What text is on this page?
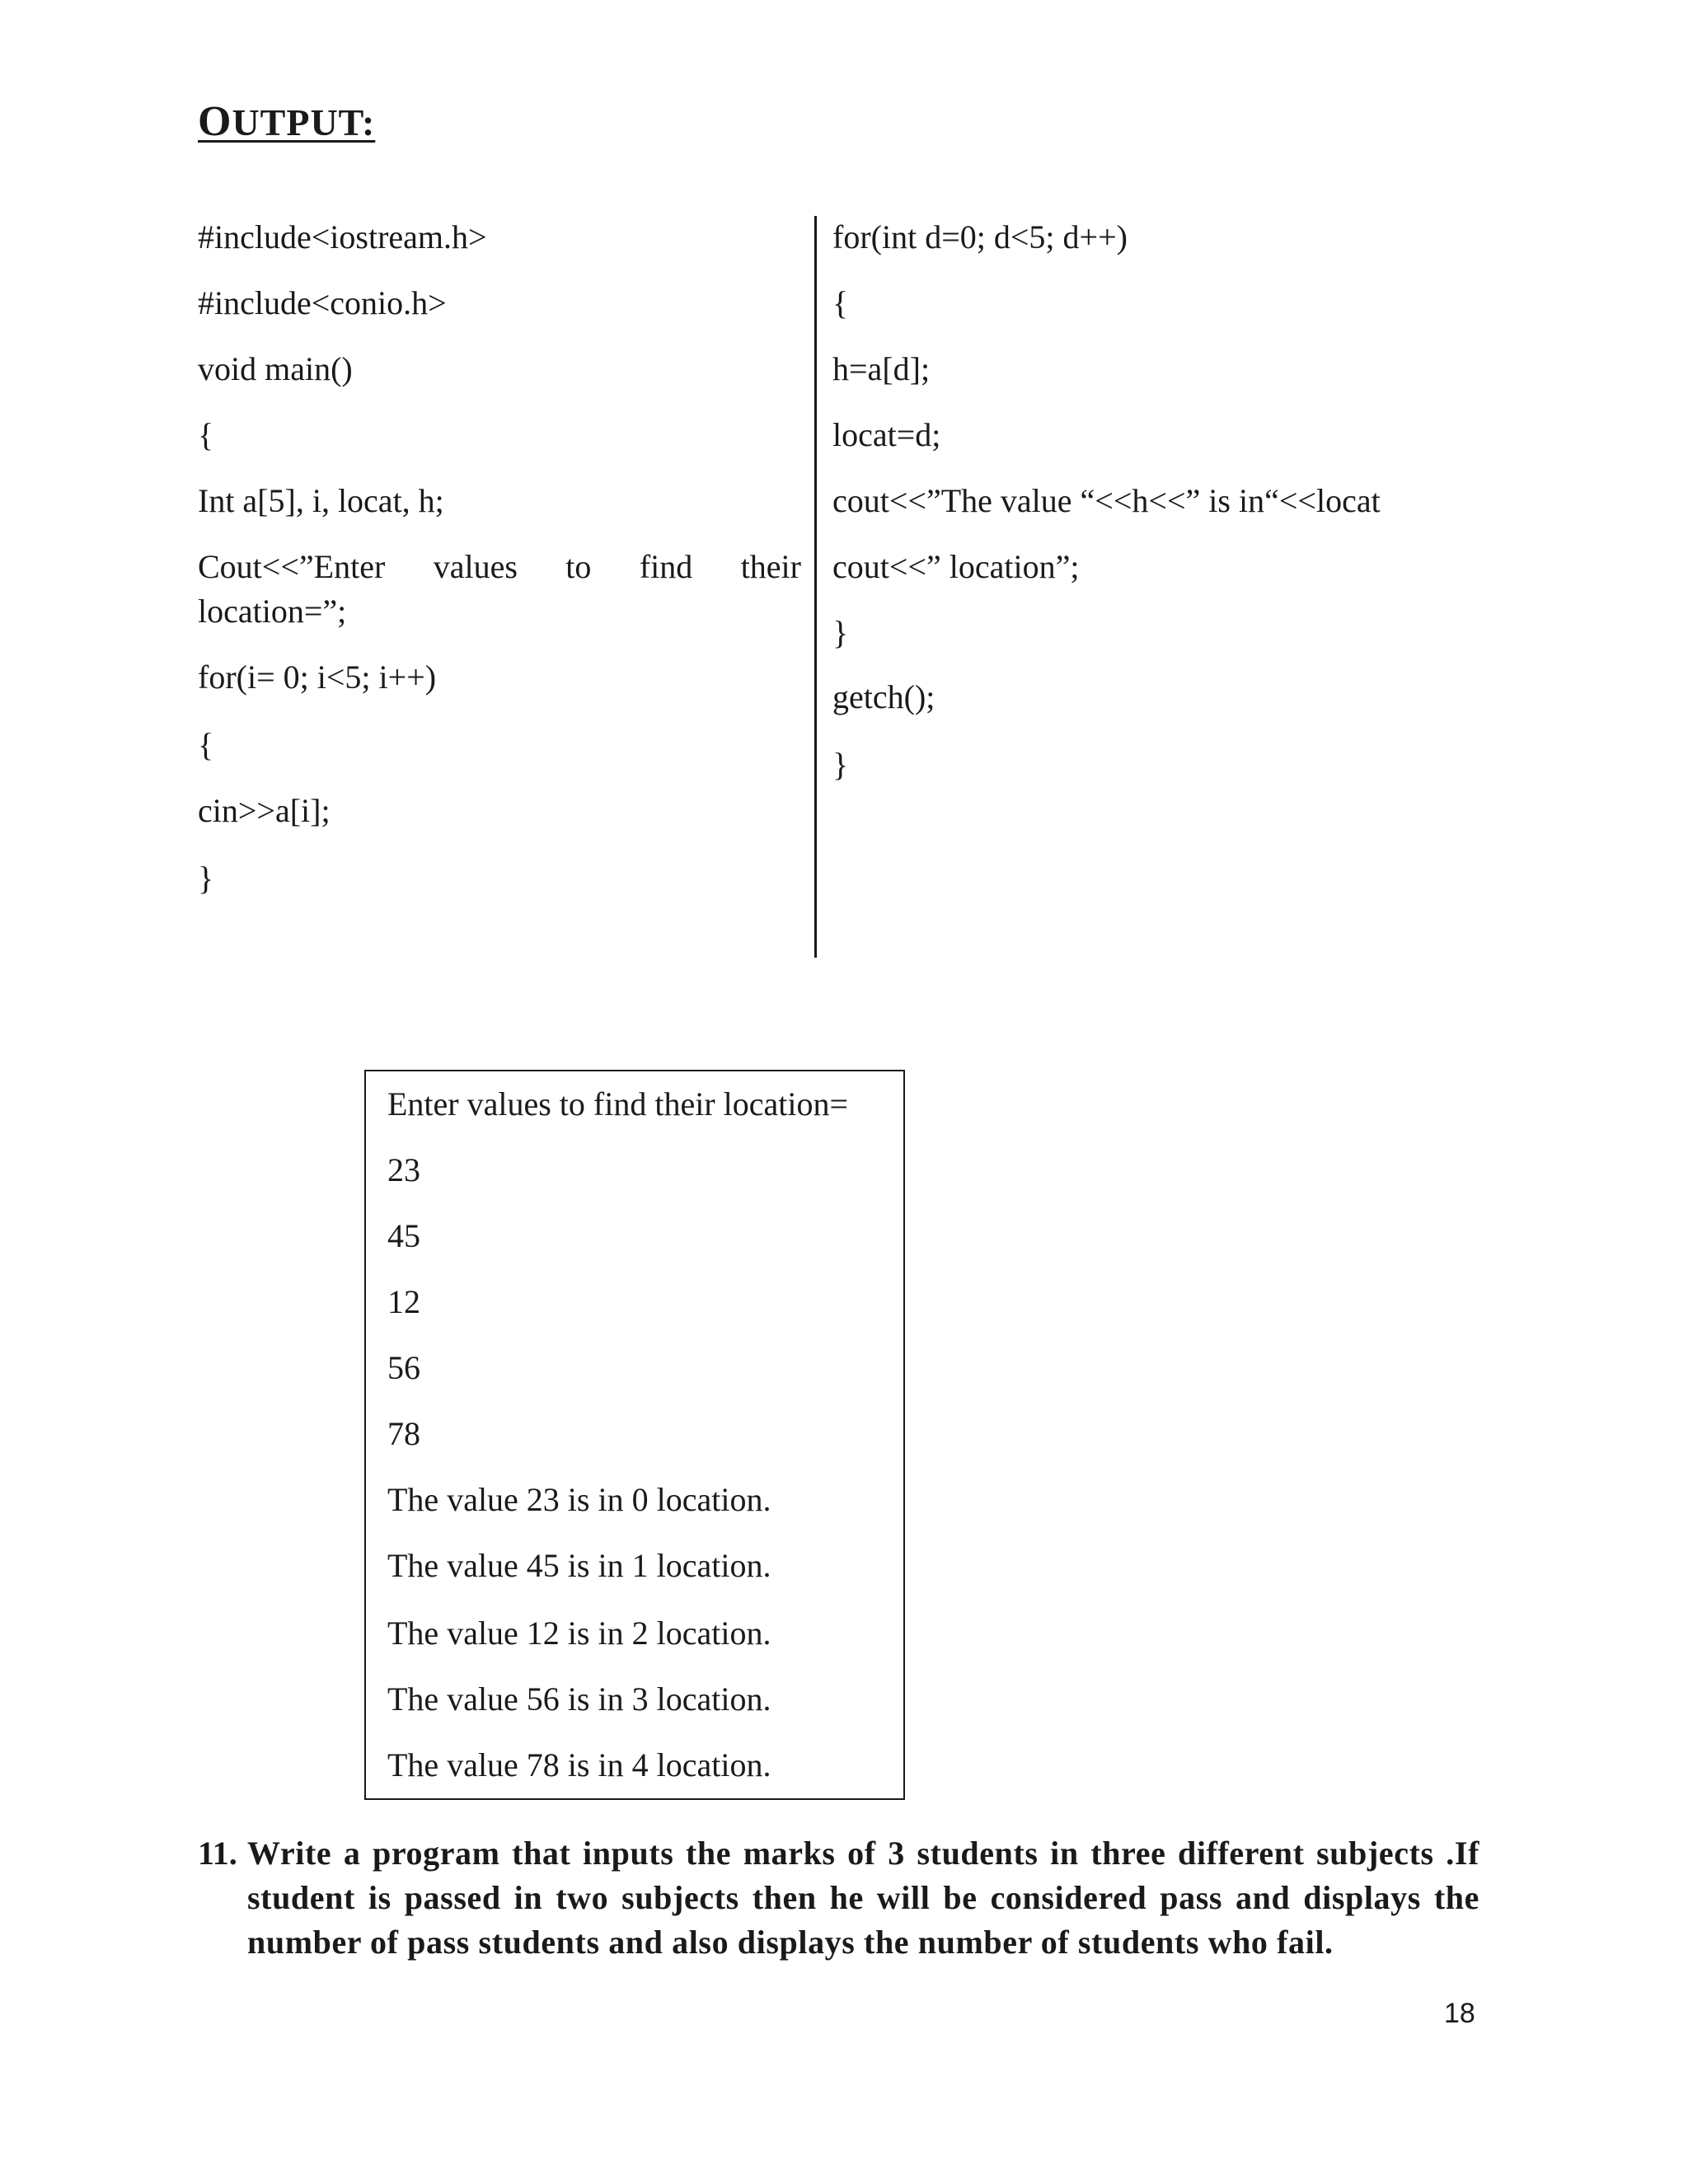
OUTPUT:
#include<iostream.h>
#include<conio.h>
void main()
{
Int a[5], i, locat, h;
Cout<<”Enter values to find their
location=”;
for(i= 0; i<5; i++)
{
cin>>a[i];
}
for(int d=0; d<5; d++)
{
h=a[d];
locat=d;
cout<<”The value “<<h<<” is in“<<locat
cout<<” location”;
}
getch();
}
Enter values to find their location=
23
45
12
56
78
The value 23 is in 0 location.
The value 45 is in 1 location.
The value 12 is in 2 location.
The value 56 is in 3 location.
The value 78 is in 4 location.
11. Write a program that inputs the marks of 3 students in three different subjects .If student is passed in two subjects then he will be considered pass and displays the number of pass students and also displays the number of students who fail.
18
